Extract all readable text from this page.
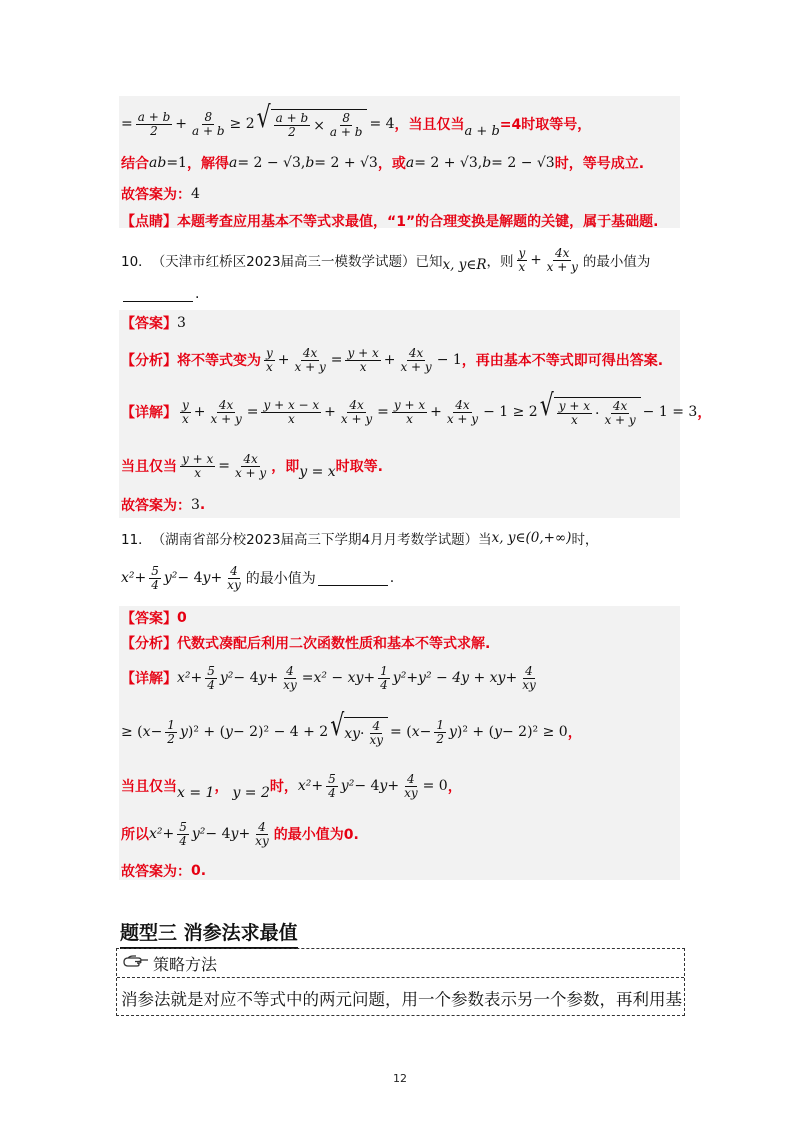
= $\frac{a + b}{2} + \frac{8}{a + b} \ge 2$ √ $\frac{a + b}{2} \times \frac{8}{a + b} = 4$ ，当且仅当 a + b =4时取等号，
结合 ab =1 ，解得 a = 2 − √3, b = 2 + √3 ，或 a = 2 + √3, b = 2 − √3 时，等号成立.
故答案为： 4
【点睛】 本题考查应用基本不等式求最值，“1”的合理变换是解题的关键，属于基础题.
10． （天津市红桥区2023届高三一模数学试题）已知 x, y∈R ，则 $\frac{y}{x} + \frac{4x}{x + y}$ 的最小值为
.
【答案】 3
【分析】 将不等式变为 $\frac{y}{x} + \frac{4x}{x + y} = \frac{y + x}{x} + \frac{4x}{x + y} - 1$ ，再由基本不等式即可得出答案.
【详解】 $\frac{y}{x} + \frac{4x}{x + y} = \frac{y + x - x}{x} + \frac{4x}{x + y} = \frac{y + x}{x} + \frac{4x}{x + y} - 1 \ge 2$ √ $\frac{y + x}{x} \cdot \frac{4x}{x + y} - 1 = 3$ ，
当且仅当 $\frac{y + x}{x} = \frac{4x}{x + y}$ ，即 y = x 时取等.
故答案为： 3 .
11． （湖南省部分校2023届高三下学期4月月考数学试题）当 x, y∈(0,+∞) 时，
$x^2 + \frac{5}{4} y^2 - 4$ $y + \frac{4}{xy}$ 的最小值为	.
【答案】 0
【分析】 代数式凑配后利用二次函数性质和基本不等式求解.
【详解】 $x^2 + \frac{5}{4} y^2 - 4$ $y + \frac{4}{xy} = x^2$ − xy + $\frac{1}{4} y^2 + y^2 - 4y$ + xy + $\frac{4}{xy}$
≥ ( $x - \frac{1}{2}$ y )² + ( y − 2)² − 4 + 2 √ xy · $\frac{4}{xy}$ = ( $x - \frac{1}{2}$ y )² + ( y − 2)² ≥ 0 ，
当且仅当 x = 1 ， y = 2 时， $x^2 + \frac{5}{4} y^2 - 4$ $y + \frac{4}{xy} = 0$ ，
所以 $x^2 + \frac{5}{4} y^2 - 4$ $y + \frac{4}{xy}$ 的最小值为0.
故答案为： 0.
题型三 消参法求最值
策略方法
消参法就是对应不等式中的两元问题，用一个参数表示另一个参数，再利用基
12
